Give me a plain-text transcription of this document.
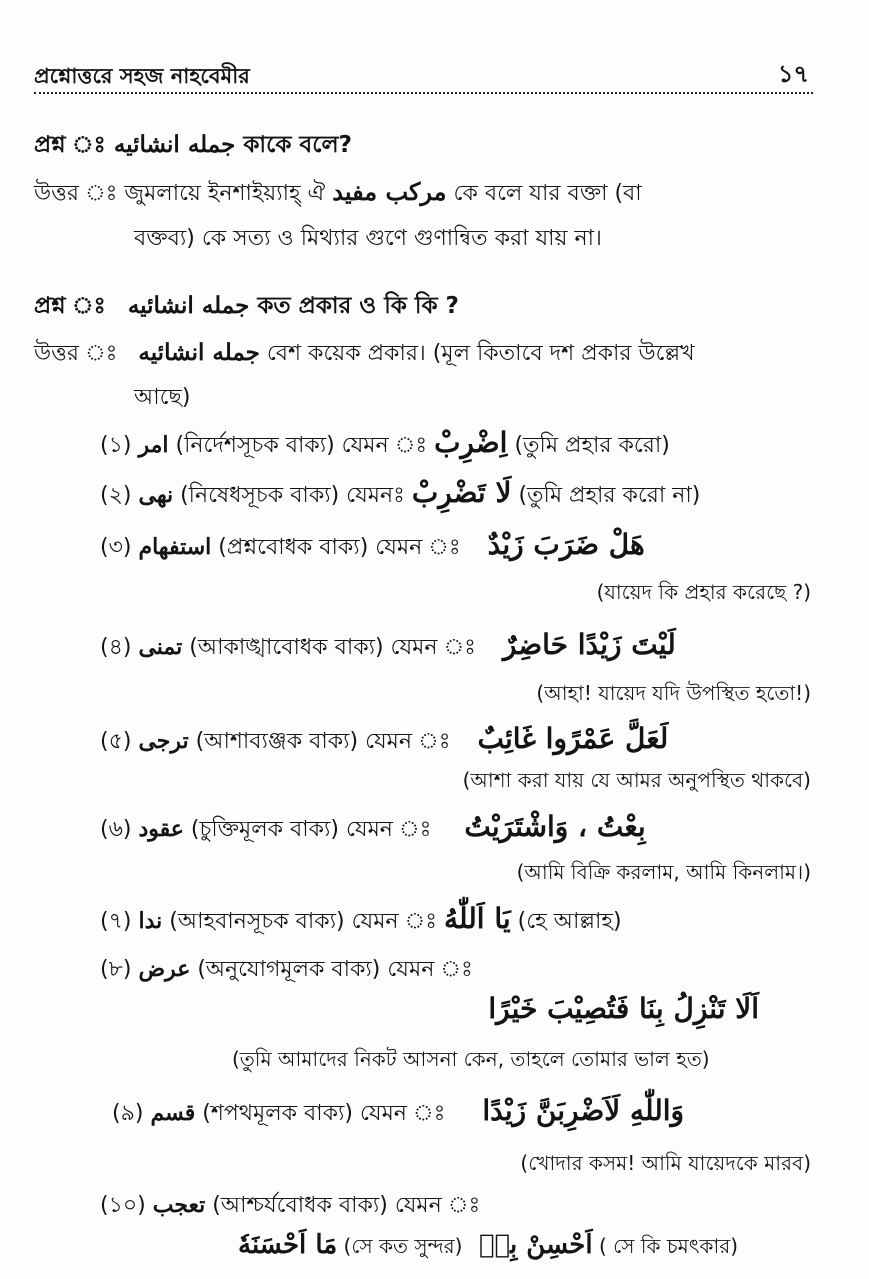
প্রশ্নোত্তরে সহজ নাহবেমীর	১৭
প্রশ্ন ঃ جمله انشائيه কাকে বলে?
উত্তর ঃ জুমলায়ে ইনশাইয়্যাহ্‌ ঐ مركب مفيد কে বলে যার বক্তা (বা
বক্তব্য) কে সত্য ও মিথ্যার গুণে গুণান্বিত করা যায় না।
প্রশ্ন ঃ جمله انشائيه কত প্রকার ও কি কি ?
উত্তর ঃ جمله انشائيه বেশ কয়েক প্রকার। (মূল কিতাবে দশ প্রকার উল্লেখ
আছে)
(১) امر (নির্দেশসূচক বাক্য) যেমন ঃ اِضْرِبْ (তুমি প্রহার করো)
(২) نهى (নিষেধসূচক বাক্য) যেমনঃ لَا تَضْرِبْ (তুমি প্রহার করো না)
(৩) استفهام (প্রশ্নবোধক বাক্য) যেমন ঃ هَلْ ضَرَبَ زَيْدٌ
(যায়েদ কি প্রহার করেছে ?)
(৪) تمنى (আকাঙ্খাবোধক বাক্য) যেমন ঃ لَيْتَ زَيْدًا حَاضِرٌ
(আহা! যায়েদ যদি উপস্থিত হতো!)
(৫) ترجى (আশাব্যঞ্জক বাক্য) যেমন ঃ لَعَلَّ عَمْرًوا غَائِبٌ
(আশা করা যায় যে আমর অনুপস্থিত থাকবে)
(৬) عقود (চুক্তিমূলক বাক্য) যেমন ঃ بِعْتُ ، وَاشْتَرَيْتُ
(আমি বিক্রি করলাম, আমি কিনলাম।)
(৭) ندا (আহবানসূচক বাক্য) যেমন ঃ يَا اَللّٰهُ (হে আল্লাহ)
(৮) عرض (অনুযোগমূলক বাক্য) যেমন ঃ
اَلَا تَنْزِلُ بِنَا فَتُصِيْبَ خَيْرًا
(তুমি আমাদের নিকট আসনা কেন, তাহলে তোমার ভাল হত)
(৯) قسم (শপথমূলক বাক্য) যেমন ঃ وَاللّٰهِ لَاَضْرِبَنَّ زَيْدًا
(খোদার কসম! আমি যায়েদকে মারব)
(১০) تعجب (আশ্চর্যবোধক বাক্য) যেমন ঃ
مَا اَحْسَنَهٗ (সে কত সুন্দর) اَحْسِنْ بِهٖ ( সে কি চমৎকার)
